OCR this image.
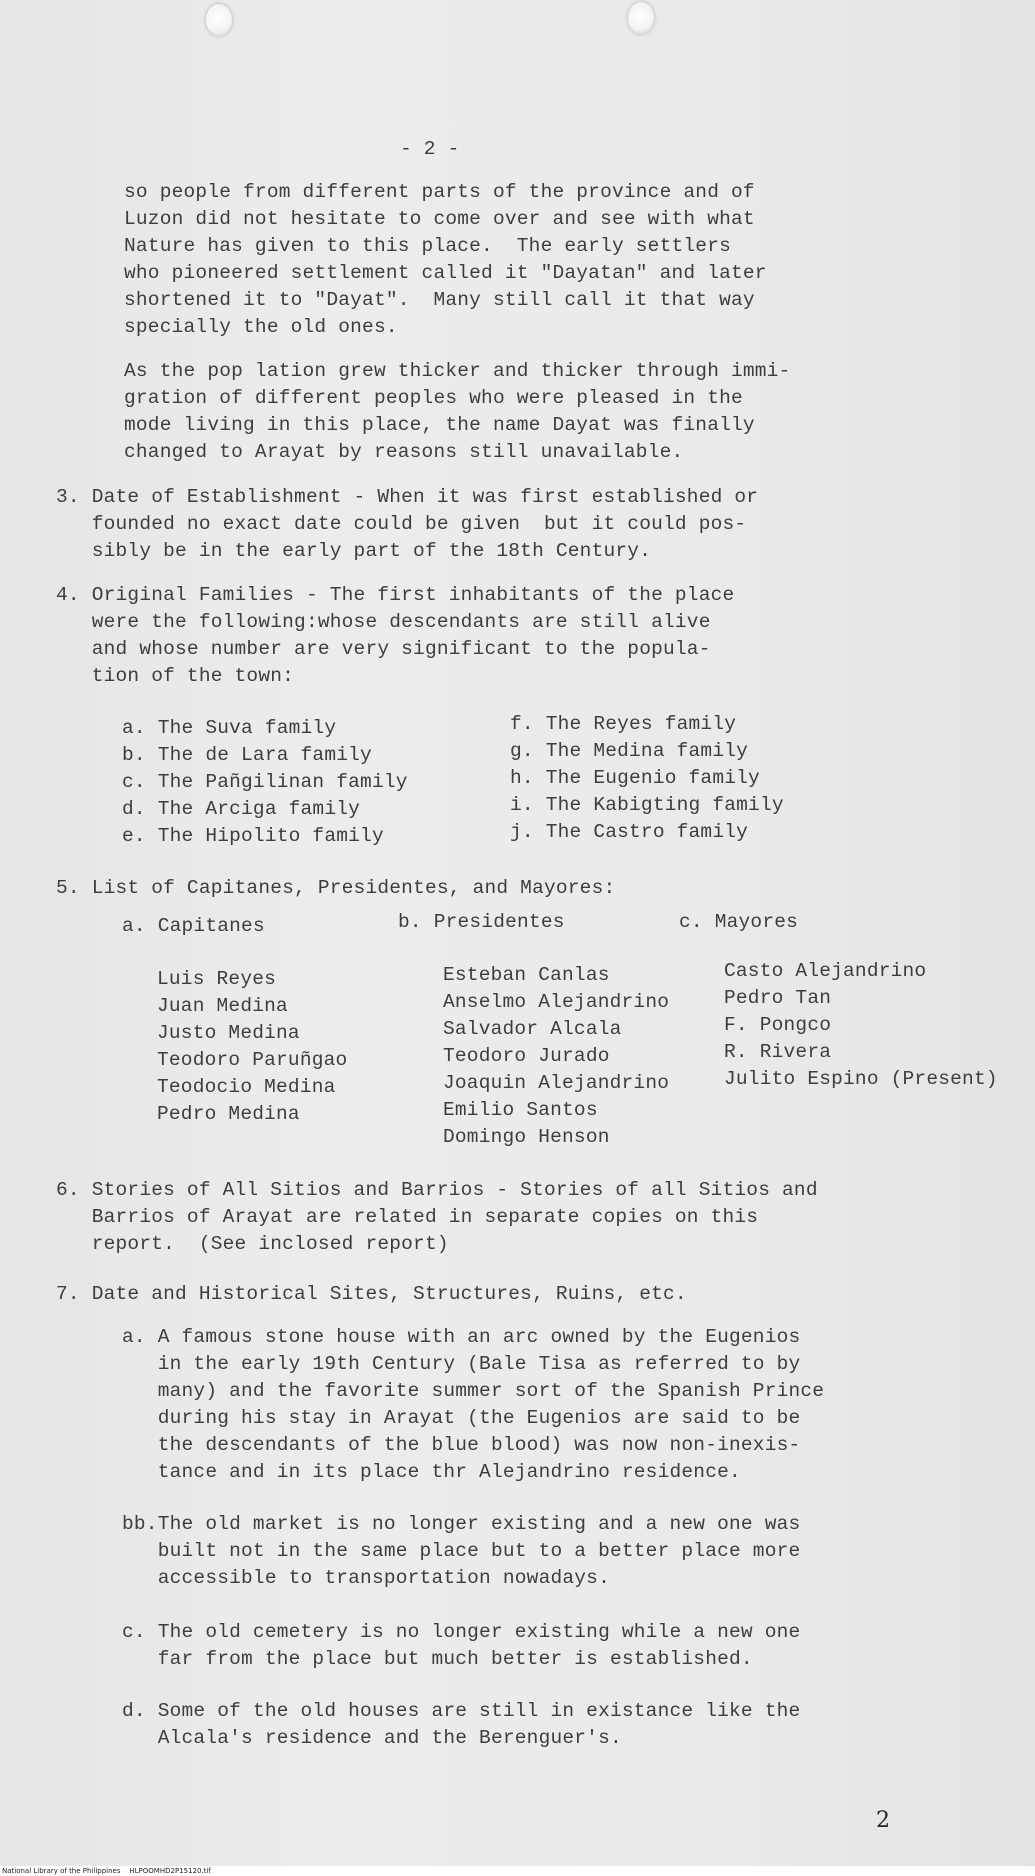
- 2 -
so people from different parts of the province and of
Luzon did not hesitate to come over and see with what
Nature has given to this place.  The early settlers
who pioneered settlement called it "Dayatan" and later
shortened it to "Dayat".  Many still call it that way
specially the old ones.
As the pop lation grew thicker and thicker through immi-
gration of different peoples who were pleased in the
mode living in this place, the name Dayat was finally
changed to Arayat by reasons still unavailable.
3. Date of Establishment - When it was first established or
founded no exact date could be given  but it could pos-
sibly be in the early part of the 18th Century.
4. Original Families - The first inhabitants of the place
were the following:whose descendants are still alive
and whose number are very significant to the popula-
tion of the town:
a. The Suva family
b. The de Lara family
c. The Pañgilinan family
d. The Arciga family
e. The Hipolito family
f. The Reyes family
g. The Medina family
h. The Eugenio family
i. The Kabigting family
j. The Castro family
5. List of Capitanes, Presidentes, and Mayores:
a. Capitanes	b. Presidentes	c. Mayores
Luis Reyes
Juan Medina
Justo Medina
Teodoro Paruñgao
Teodocio Medina
Pedro Medina
Esteban Canlas
Anselmo Alejandrino
Salvador Alcala
Teodoro Jurado
Joaquin Alejandrino
Emilio Santos
Domingo Henson
Casto Alejandrino
Pedro Tan
F. Pongco
R. Rivera
Julito Espino (Present)
6. Stories of All Sitios and Barrios - Stories of all Sitios and
Barrios of Arayat are related in separate copies on this
report.  (See inclosed report)
7. Date and Historical Sites, Structures, Ruins, etc.
a. A famous stone house with an arc owned by the Eugenios
in the early 19th Century (Bale Tisa as referred to by
many) and the favorite summer sort of the Spanish Prince
during his stay in Arayat (the Eugenios are said to be
the descendants of the blue blood) was now non-inexis-
tance and in its place thr Alejandrino residence.
bb.The old market is no longer existing and a new one was
built not in the same place but to a better place more
accessible to transportation nowadays.
c. The old cemetery is no longer existing while a new one
far from the place but much better is established.
d. Some of the old houses are still in existance like the
Alcala's residence and the Berenguer's.
2
National Library of the Philippines    HLPOOMHD2P15120.tif
